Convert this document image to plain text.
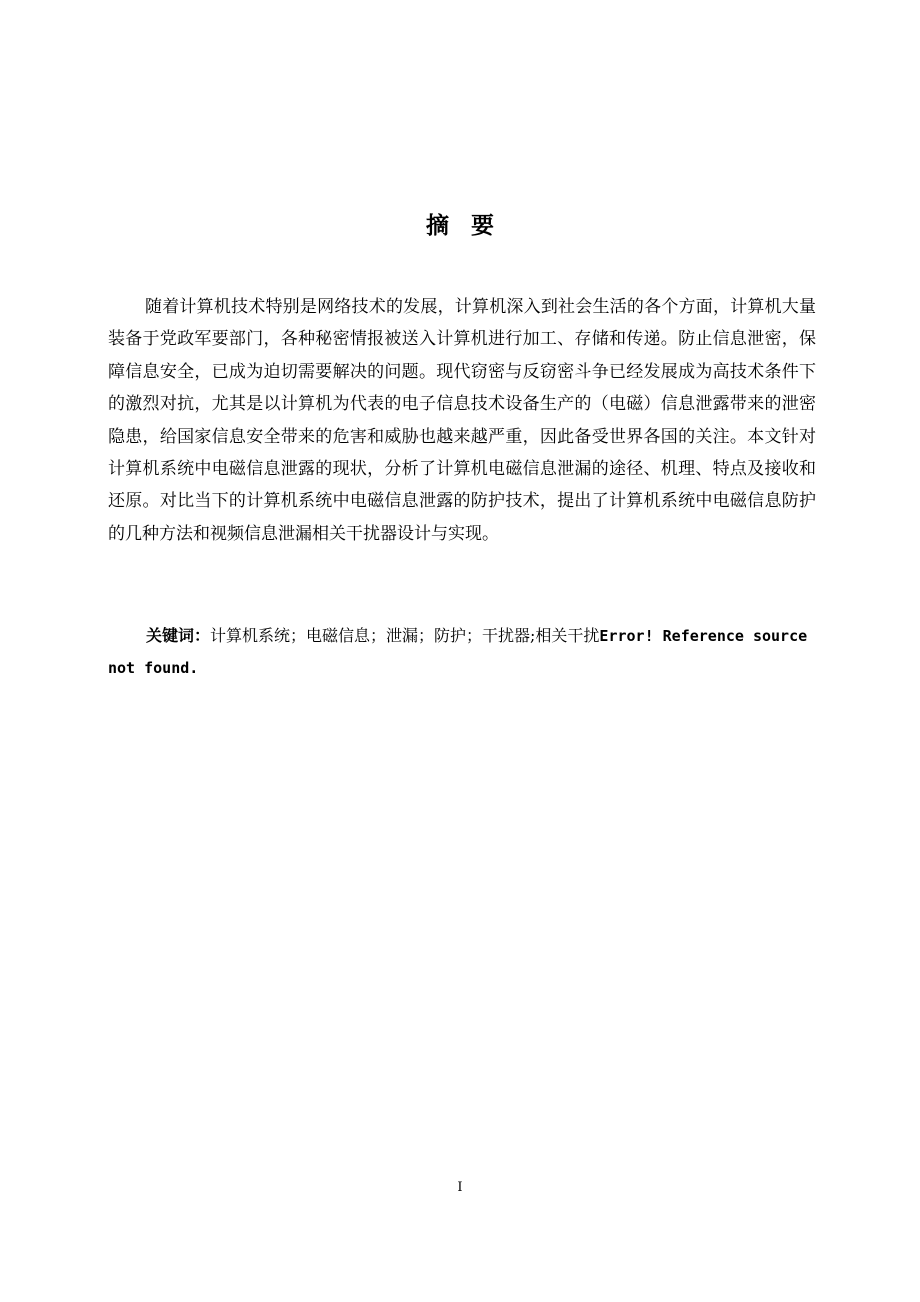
摘要

随着计算机技术特别是网络技术的发展，计算机深入到社会生活的各个方面，计算机大量装备于党政军要部门，各种秘密情报被送入计算机进行加工、存储和传递。防止信息泄密，保障信息安全，已成为迫切需要解决的问题。现代窃密与反窃密斗争已经发展成为高技术条件下的激烈对抗，尤其是以计算机为代表的电子信息技术设备生产的（电磁）信息泄露带来的泄密隐患，给国家信息安全带来的危害和威胁也越来越严重，因此备受世界各国的关注。本文针对计算机系统中电磁信息泄露的现状，分析了计算机电磁信息泄漏的途径、机理、特点及接收和还原。对比当下的计算机系统中电磁信息泄露的防护技术，提出了计算机系统中电磁信息防护的几种方法和视频信息泄漏相关干扰器设计与实现。

关键词：计算机系统；电磁信息；泄漏；防护；干扰器;相关干扰Error! Reference source not found.

I
